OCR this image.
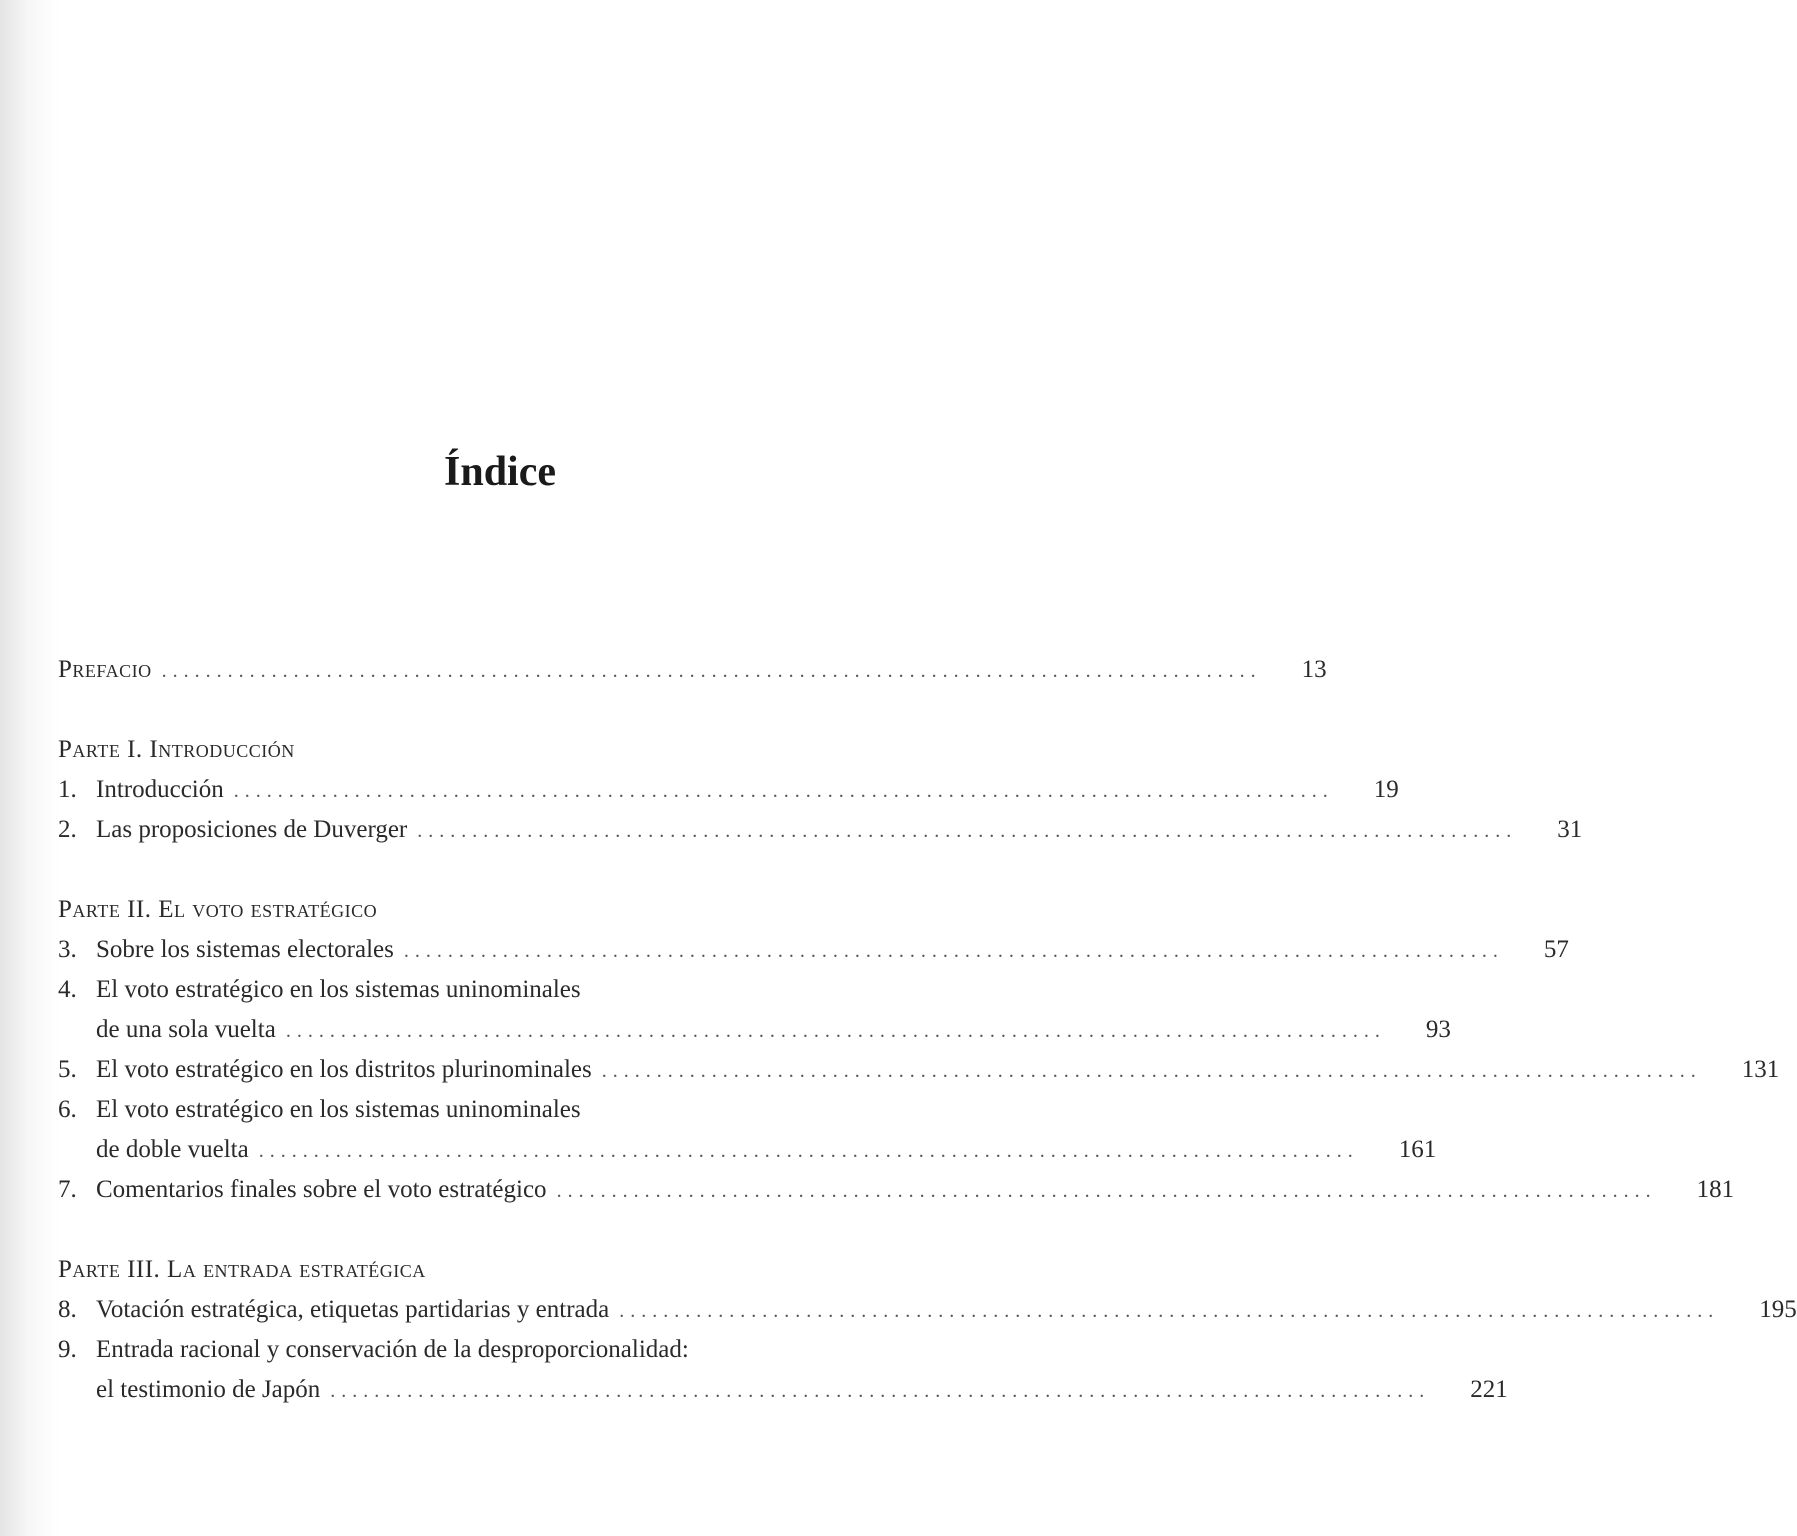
Índice
Prefacio ....................................................................................................	13
Parte I. Introducción
1. Introducción ....................................................................................................	19
2. Las proposiciones de Duverger ....................................................................................................	31
Parte II. El voto estratégico
3. Sobre los sistemas electorales ....................................................................................................	57
4. El voto estratégico en los sistemas uninominales
de una sola vuelta ....................................................................................................	93
5. El voto estratégico en los distritos plurinominales ....................................................................................................	131
6. El voto estratégico en los sistemas uninominales
de doble vuelta ....................................................................................................	161
7. Comentarios finales sobre el voto estratégico ....................................................................................................	181
Parte III. La entrada estratégica
8. Votación estratégica, etiquetas partidarias y entrada ....................................................................................................	195
9. Entrada racional y conservación de la desproporcionalidad:
el testimonio de Japón ....................................................................................................	221
